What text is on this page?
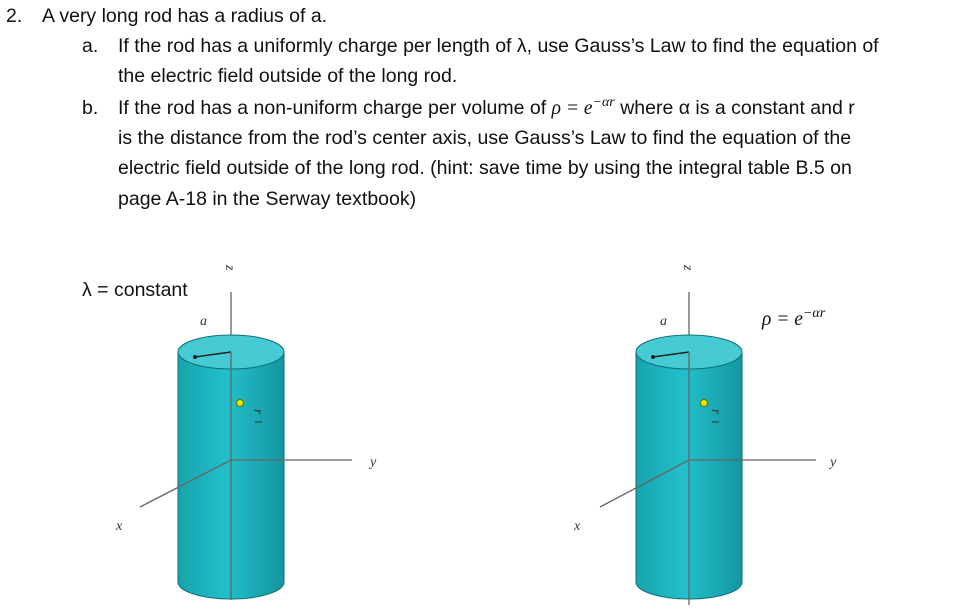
2. A very long rod has a radius of a.
a. If the rod has a uniformly charge per length of λ, use Gauss’s Law to find the equation of
the electric field outside of the long rod.
b. If the rod has a non-uniform charge per volume of $\rho = e^{-\alpha r}$ where α is a constant and r
is the distance from the rod’s center axis, use Gauss’s Law to find the equation of the
electric field outside of the long rod. (hint: save time by using the integral table B.5 on
page A-18 in the Serway textbook)
λ = constant
$\rho = e^{-\alpha r}$
z
a
r
y
x
z
a
r
y
x
